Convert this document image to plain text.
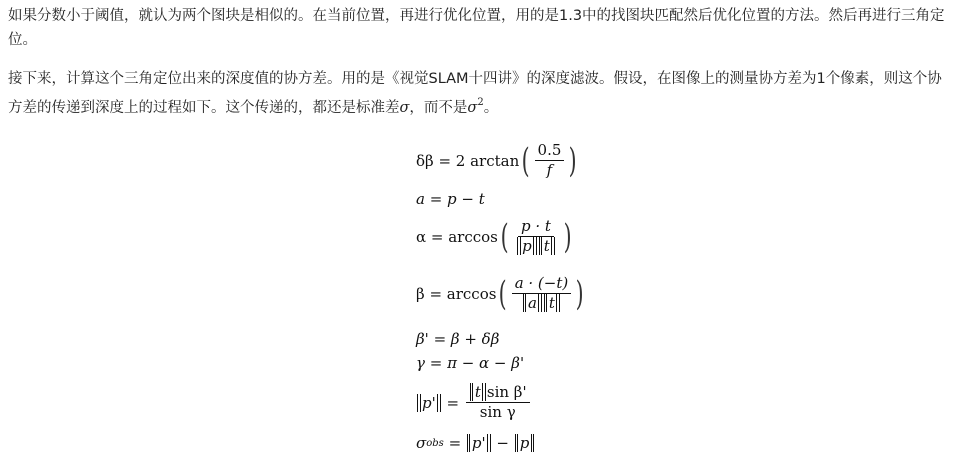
如果分数小于阈值，就认为两个图块是相似的。在当前位置，再进行优化位置，用的是1.3中的找图块匹配然后优化位置的方法。然后再进行三角定位。

接下来，计算这个三角定位出来的深度值的协方差。用的是《视觉SLAM十四讲》的深度滤波。假设，在图像上的测量协方差为1个像素，则这个协方差的传递到深度上的过程如下。这个传递的，都还是标准差σ，而不是$\sigma^2$。

δβ = 2 arctan ( $\frac{0.5}{f}$ )
a = p − t
α = arccos ( $\frac{p \cdot t}{\text{p t}}$ )
β = arccos ( $\frac{a \cdot (-t)}{\text{a t}}$ )
β' = β + δβ
γ = π − α − β'
$p' = \frac{\text{t sin β'}}{\text{sin γ}}$
σ obs = p' − p
